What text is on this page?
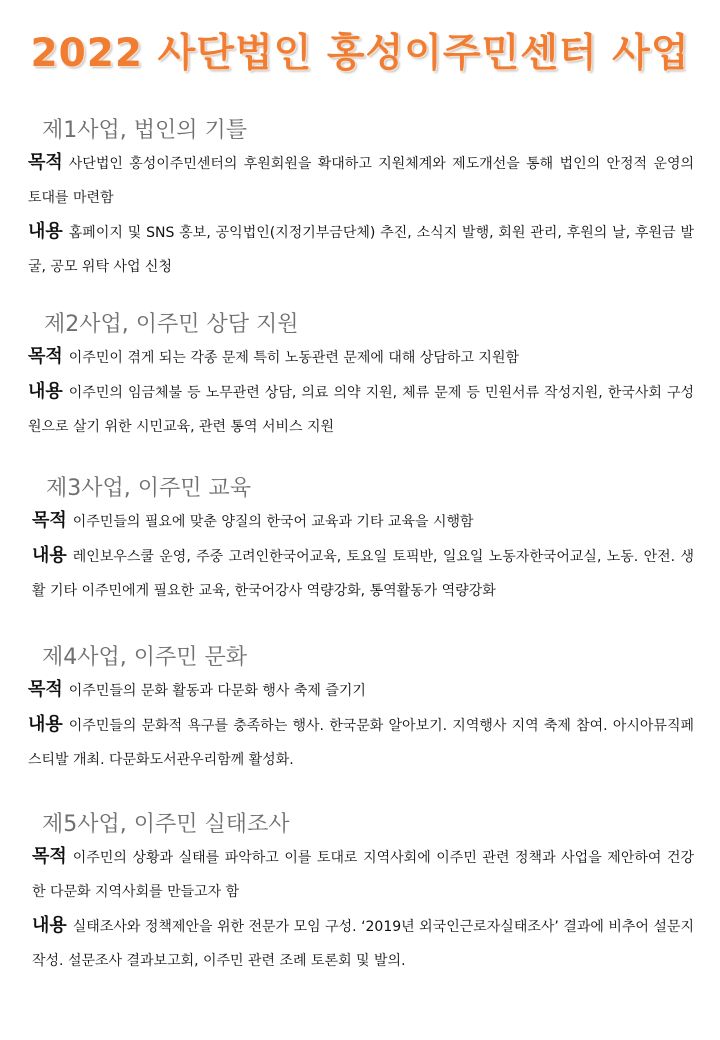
2022 사단법인 홍성이주민센터 사업
제1사업, 법인의 기틀
목적 사단법인 홍성이주민센터의 후원회원을 확대하고 지원체계와 제도개선을 통해 법인의 안정적 운영의 토대를 마련함
내용 홈페이지 및 SNS 홍보, 공익법인(지정기부금단체) 추진, 소식지 발행, 회원 관리, 후원의 날, 후원금 발굴, 공모 위탁 사업 신청
제2사업, 이주민 상담 지원
목적 이주민이 겪게 되는 각종 문제 특히 노동관련 문제에 대해 상담하고 지원함
내용 이주민의 임금체불 등 노무관련 상담, 의료 의약 지원, 체류 문제 등 민원서류 작성지원, 한국사회 구성원으로 살기 위한 시민교육, 관련 통역 서비스 지원
제3사업, 이주민 교육
목적 이주민들의 필요에 맞춘 양질의 한국어 교육과 기타 교육을 시행함
내용 레인보우스쿨 운영, 주중 고려인한국어교육, 토요일 토픽반, 일요일 노동자한국어교실, 노동. 안전. 생활 기타 이주민에게 필요한 교육, 한국어강사 역량강화, 통역활동가 역량강화
제4사업, 이주민 문화
목적 이주민들의 문화 활동과 다문화 행사 축제 즐기기
내용 이주민들의 문화적 욕구를 충족하는 행사. 한국문화 알아보기. 지역행사 지역 축제 참여. 아시아뮤직페스티발 개최. 다문화도서관우리함께 활성화.
제5사업, 이주민 실태조사
목적 이주민의 상황과 실태를 파악하고 이를 토대로 지역사회에 이주민 관련 정책과 사업을 제안하여 건강한 다문화 지역사회를 만들고자 함
내용 실태조사와 정책제안을 위한 전문가 모임 구성. ‘2019년 외국인근로자실태조사’ 결과에 비추어 설문지 작성. 설문조사 결과보고회, 이주민 관련 조례 토론회 및 발의.
